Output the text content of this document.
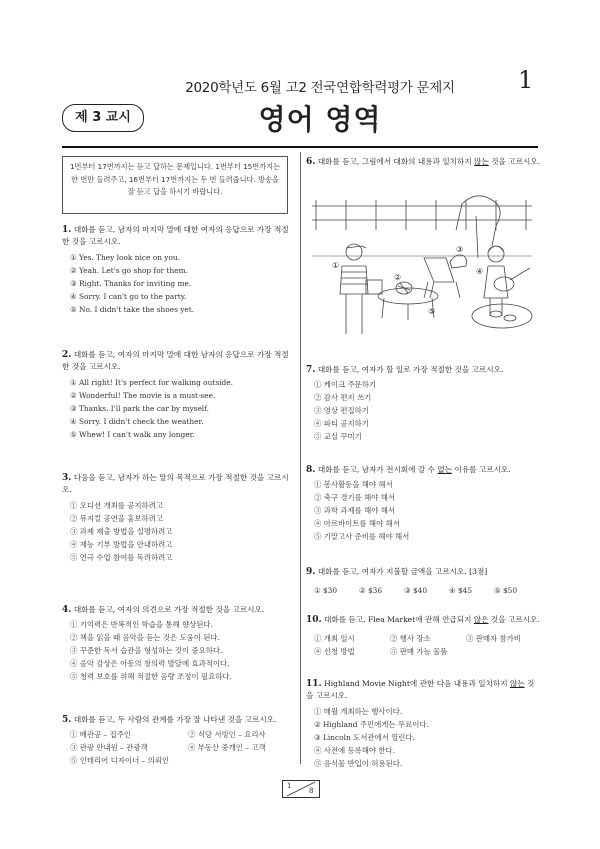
2020학년도 6월 고2 전국연합학력평가 문제지	1
제 3 교시	영어 영역
1번부터 17번까지는 듣고 답하는 문제입니다. 1번부터 15번까지는
한 번만 들려주고, 16번부터 17번까지는 두 번 들려줍니다. 방송을
잘 듣고 답을 하시기 바랍니다.
1. 대화를 듣고, 남자의 마지막 말에 대한 여자의 응답으로 가장 적절한 것을 고르시오.
① Yes. They look nice on you.
② Yeah. Let's go shop for them.
③ Right. Thanks for inviting me.
④ Sorry. I can't go to the party.
⑤ No. I didn't take the shoes yet.
2. 대화를 듣고, 여자의 마지막 말에 대한 남자의 응답으로 가장 적절한 것을 고르시오.
① All right! It's perfect for walking outside.
② Wonderful! The movie is a must-see.
③ Thanks. I'll park the car by myself.
④ Sorry. I didn't check the weather.
⑤ Whew! I can't walk any longer.
3. 다음을 듣고, 남자가 하는 말의 목적으로 가장 적절한 것을 고르시오.
① 오디션 개최를 공지하려고
② 뮤지컬 공연을 홍보하려고
③ 과제 제출 방법을 설명하려고
④ 재능 기부 방법을 안내하려고
⑤ 연극 수업 참여를 독려하려고
4. 대화를 듣고, 여자의 의견으로 가장 적절한 것을 고르시오.
① 기억력은 반복적인 학습을 통해 향상된다.
② 책을 읽을 때 음악을 듣는 것은 도움이 된다.
③ 꾸준한 독서 습관을 형성하는 것이 중요하다.
④ 음악 감상은 아동의 창의력 발달에 효과적이다.
⑤ 청력 보호를 위해 적절한 음량 조정이 필요하다.
5. 대화를 듣고, 두 사람의 관계를 가장 잘 나타낸 것을 고르시오.
① 배관공 – 집주인	② 식당 서빙인 – 요리사
③ 관광 안내원 – 관광객	④ 부동산 중개인 – 고객
⑤ 인테리어 디자이너 – 의뢰인
6. 대화를 듣고, 그림에서 대화의 내용과 일치하지 않는 것을 고르시오.
①
②
③
④
⑤
7. 대화를 듣고, 여자가 할 일로 가장 적절한 것을 고르시오.
① 케이크 주문하기
② 감사 편지 쓰기
③ 영상 편집하기
④ 파티 공지하기
⑤ 교실 꾸미기
8. 대화를 듣고, 남자가 전시회에 갈 수 없는 이유를 고르시오.
① 봉사활동을 해야 해서
② 축구 경기를 해야 해서
③ 과학 과제를 해야 해서
④ 아르바이트를 해야 해서
⑤ 기말고사 준비를 해야 해서
9. 대화를 듣고, 여자가 지불할 금액을 고르시오. [3점]
① $30	② $36	③ $40	④ $45	⑤ $50
10. 대화를 듣고, Flea Market에 관해 언급되지 않은 것을 고르시오.
① 개최 일시	② 행사 장소	③ 판매자 참가비
④ 신청 방법	⑤ 판매 가능 물품
11. Highland Movie Night에 관한 다음 내용과 일치하지 않는 것을 고르시오.
① 매월 개최하는 행사이다.
② Highland 주민에게는 무료이다.
③ Lincoln 도서관에서 열린다.
④ 사전에 등록해야 한다.
⑤ 음식물 반입이 허용된다.
1
8
